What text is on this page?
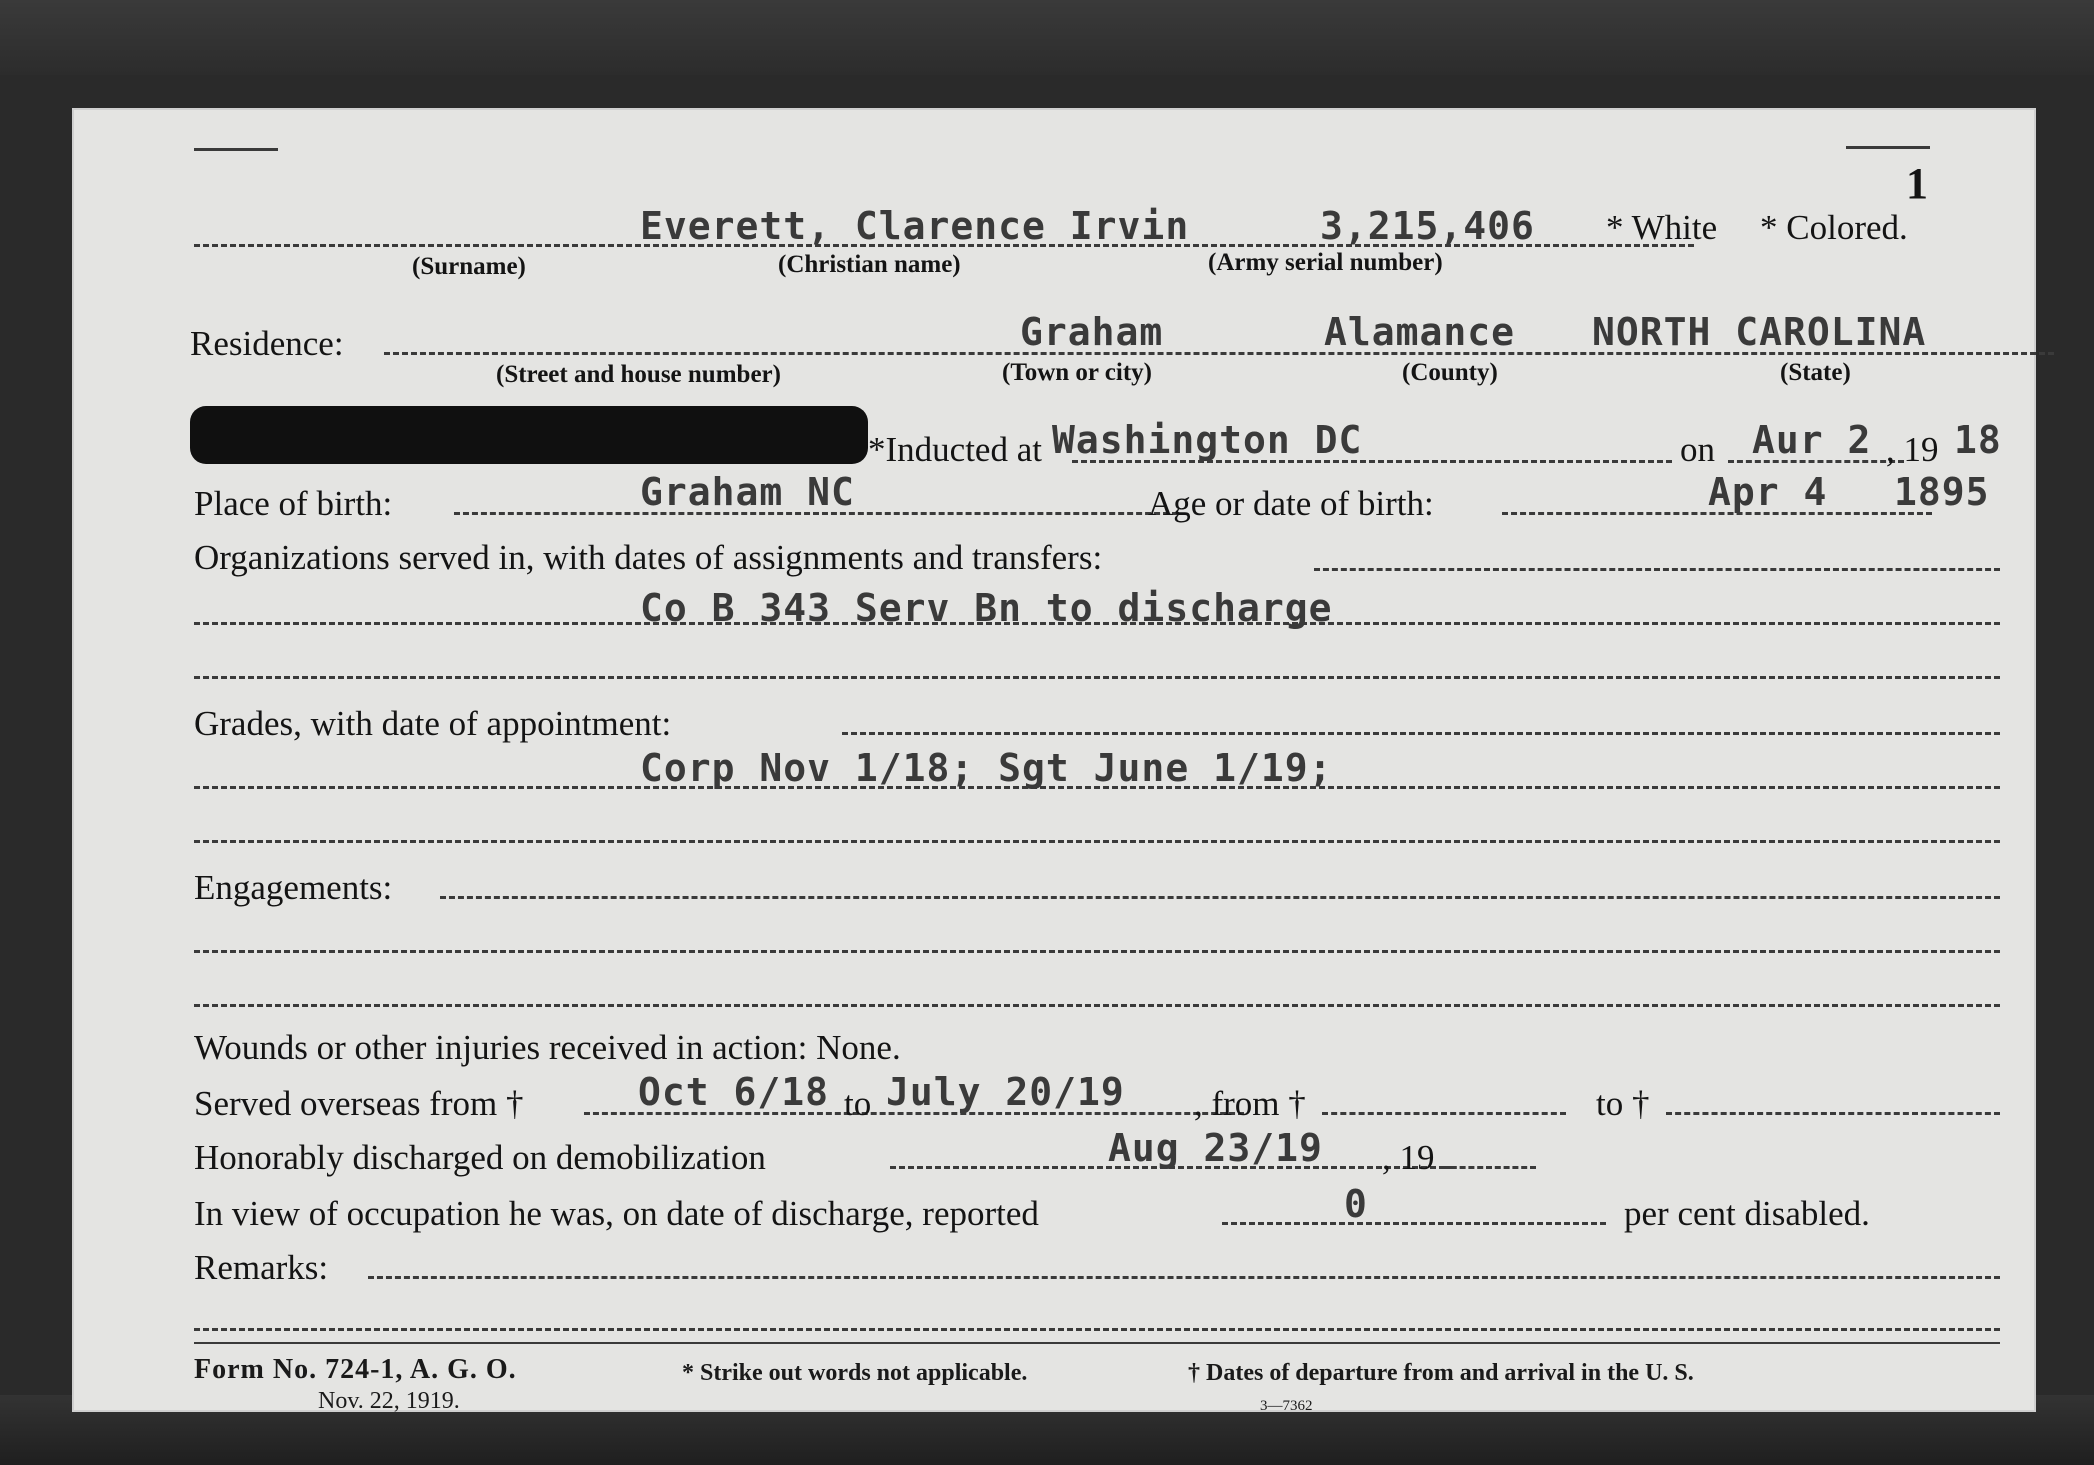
1
Everett, Clarence Irvin	3,215,406 * White * Colored.
(Surname)	(Christian name)	(Army serial number)
Residence:	Graham	Alamance NORTH CAROLINA
(Street and house number)	(Town or city)	(County)	(State)
*Inducted at Washington DC	on Aur 2 , 19 18
Place of birth:	Graham NC	Age or date of birth:	Apr 4 1895
Organizations served in, with dates of assignments and transfers:
Co B 343 Serv Bn to discharge
Grades, with date of appointment:
Corp Nov 1/18; Sgt June 1/19;
Engagements:
Wounds or other injuries received in action: None.
Served overseas from †	Oct 6/18 to July 20/19 , from †	to †
Honorably discharged on demobilization	Aug 23/19 , 19
In view of occupation he was, on date of discharge, reported	0	per cent disabled.
Remarks:
Form No. 724-1, A. G. O.
Nov. 22, 1919.
* Strike out words not applicable.	† Dates of departure from and arrival in the U. S.
3—7362
